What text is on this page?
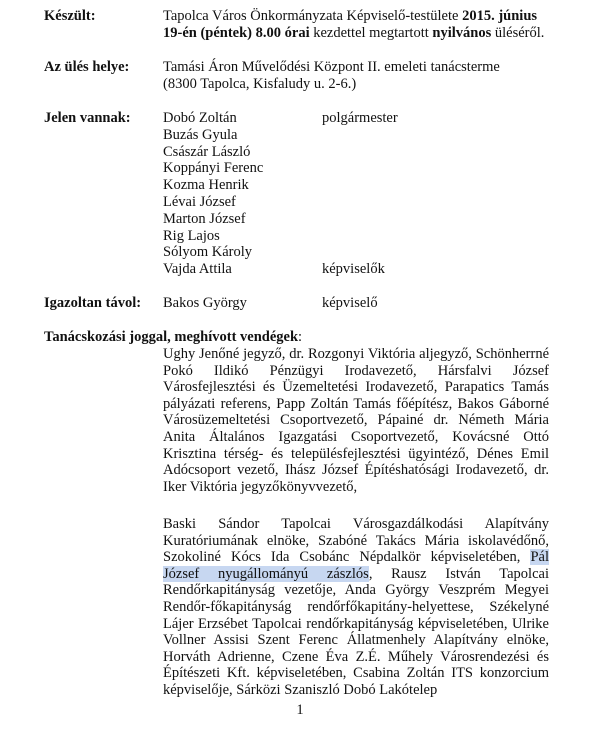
Készült:	Tapolca Város Önkormányzata Képviselő-testülete 2015. június
19-én (péntek) 8.00 órai kezdettel megtartott nyilvános üléséről.
Az ülés helye: Tamási Áron Művelődési Központ II. emeleti tanácsterme
(8300 Tapolca, Kisfaludy u. 2-6.)
Jelen vannak: Dobó Zoltán
Buzás Gyula
Császár László
Koppányi Ferenc
Kozma Henrik
Lévai József
Marton József
Rig Lajos
Sólyom Károly
Vajda Attila
polgármester
képviselők
Igazoltan távol: Bakos György	képviselő
Tanácskozási joggal, meghívott vendégek:
Ughy Jenőné jegyző, dr. Rozgonyi Viktória aljegyző, Schönherrné Pokó Ildikó Pénzügyi Irodavezető, Hársfalvi József Városfejlesztési és Üzemeltetési Irodavezető, Parapatics Tamás pályázati referens, Papp Zoltán Tamás főépítész, Bakos Gáborné Városüzemeltetési Csoportvezető, Pápainé dr. Németh Mária Anita Általános Igazgatási Csoportvezető, Kovácsné Ottó Krisztina térség- és településfejlesztési ügyintéző, Dénes Emil Adócsoport vezető, Ihász József Építéshatósági Irodavezető, dr. Iker Viktória jegyzőkönyvvezető,
Baski Sándor Tapolcai Városgazdálkodási Alapítvány Kuratóriumának elnöke, Szabóné Takács Mária iskolavédőnő, Szokoliné Kócs Ida Csobánc Népdalkör képviseletében, Pál József nyugállományú zászlós, Rausz István Tapolcai Rendőrkapitányság vezetője, Anda György Veszprém Megyei Rendőr-főkapitányság rendőrfőkapitány-helyettese, Székelyné Lájer Erzsébet Tapolcai rendőrkapitányság képviseletében, Ulrike Vollner Assisi Szent Ferenc Állatmenhely Alapítvány elnöke, Horváth Adrienne, Czene Éva Z.É. Műhely Városrendezési és Építészeti Kft. képviseletében, Csabina Zoltán ITS konzorcium képviselője, Sárközi Szaniszló Dobó Lakótelep
1
